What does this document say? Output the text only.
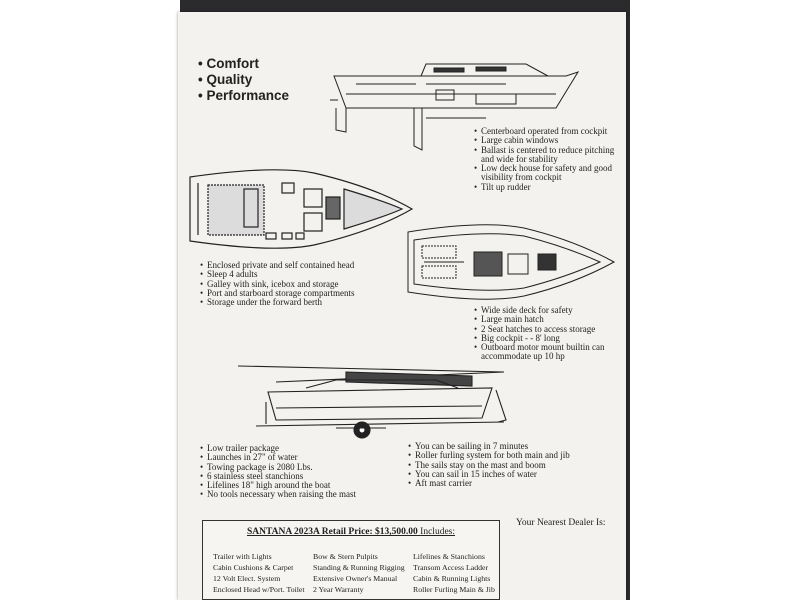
• Comfort
• Quality
• Performance
• Centerboard operated from cockpit
• Large cabin windows
• Ballast is centered to reduce pitching
and wide for stability
• Low deck house for safety and good
visibility from cockpit
• Tilt up rudder
• Enclosed private and self contained head
• Sleep 4 adults
• Galley with sink, icebox and storage
• Port and starboard storage compartments
• Storage under the forward berth
• Wide side deck for safety
• Large main hatch
• 2 Seat hatches to access storage
• Big cockpit - - 8' long
• Outboard motor mount builtin can
accommodate up 10 hp
• Low trailer package
• Launches in 27" of water
• Towing package is 2080 Lbs.
• 6 stainless steel stanchions
• Lifelines 18" high around the boat
• No tools necessary when raising the mast
• You can be sailing in 7 minutes
• Roller furling system for both main and jib
• The sails stay on the mast and boom
• You can sail in 15 inches of water
• Aft mast carrier
SANTANA 2023A Retail Price: $13,500.00 Includes:
Trailer with Lights
Cabin Cushions & Carpet
12 Volt Elect. System
Enclosed Head w/Port. Toilet
Bow & Stern Pulpits
Standing & Running Rigging
Extensive Owner's Manual
2 Year Warranty
Lifelines & Stanchions
Transom Access Ladder
Cabin & Running Lights
Roller Furling Main & Jib
Your Nearest Dealer Is:
